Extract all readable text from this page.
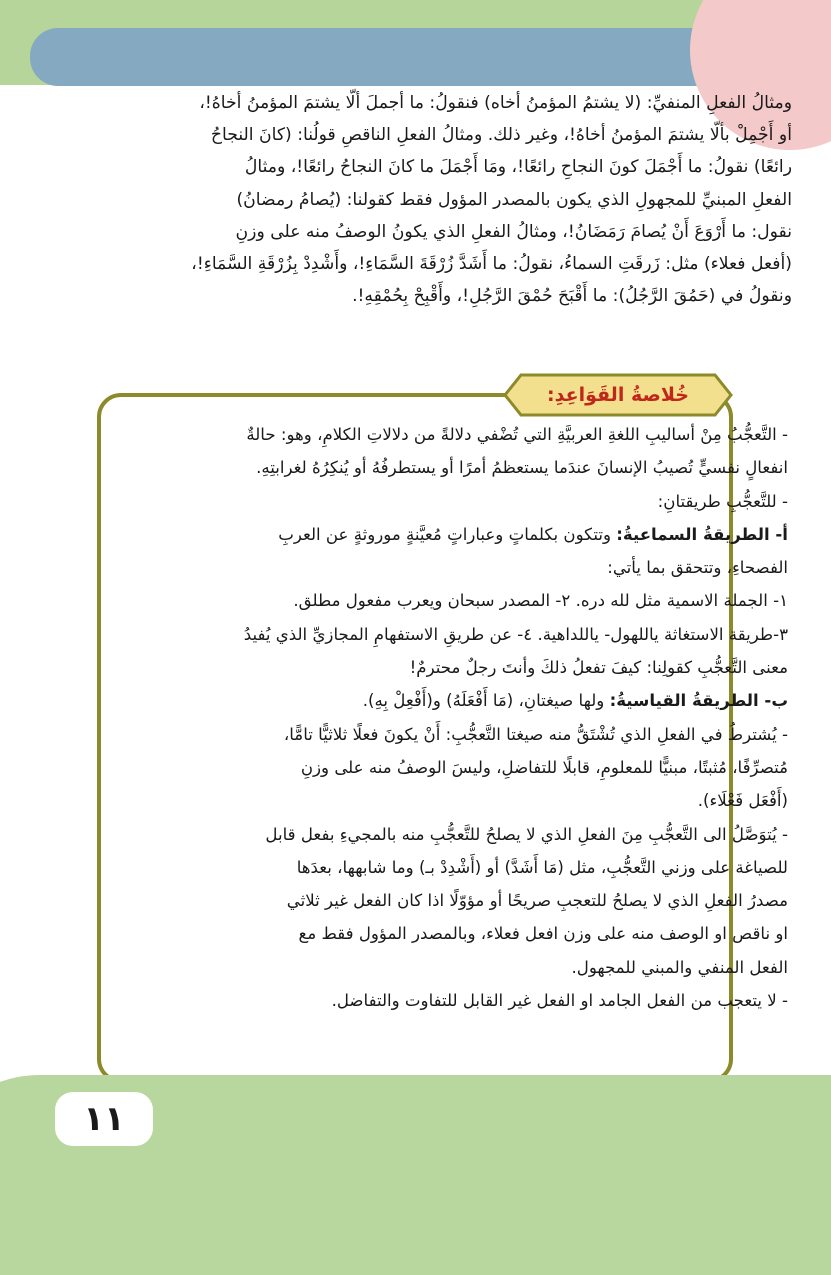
ومثالُ الفعلِ المنفيِّ: (لا يشتمُ المؤمنُ أخاه) فنقولُ: ما أجملَ ألّا يشتمَ المؤمنُ أخاهُ!،

أو أَجْمِلْ بألّا يشتمَ المؤمنُ أخاهُ!، وغير ذلك. ومثالُ الفعلِ الناقصِ قولُنا: (كانَ النجاحُ

رائعًا) نقولُ: ما أَجْمَلَ كونَ النجاحِ رائعًا!، ومَا أَجْمَلَ ما كانَ النجاحُ رائعًا!، ومثالُ

الفعلِ المبنيِّ للمجهولِ الذي يكون بالمصدر المؤول فقط كقولنا: (يُصامُ رمضانُ)

نقول: ما أَرْوَعَ أَنْ يُصامَ رَمَضَانُ!، ومثالُ الفعلِ الذي يكونُ الوصفُ منه على وزنِ

(أفعل فعلاء) مثل: زَرقَتِ السماءُ، نقولُ: ما أَشَدَّ زُرْقَةَ السَّمَاءِ!، وأَشْدِدْ بِزُرْقَةِ السَّمَاءِ!،

ونقولُ في (حَمُقَ الرَّجُلُ): ما أَقْبَحَ حُمْقَ الرَّجُلِ!، وأَقْبِحْ بِحُمْقِهِ!.

خُلاصةُ القَوَاعِدِ:

- التَّعجُّبُ مِنْ أساليبِ اللغةِ العربيَّةِ التي تُضْفي دلالةً من دلالاتِ الكلامِ، وهو: حالةٌ

انفعالٍ نفسيٍّ تُصيبُ الإنسانَ عندَما يستعظمُ أمرًا أو يستطرفُهُ أو يُنكِرُهُ لغرابتِهِ.

- للتَّعجُّبِ طريقتانِ:

أ- الطريقةُ السماعيةُ: وتتكون بكلماتٍ وعباراتٍ مُعيَّنةٍ موروثةٍ عن العربِ

الفصحاءِ، وتتحقق بما يأتي:

١- الجملة الاسمية مثل لله دره. ٢- المصدر سبحان ويعرب مفعول مطلق.

٣-طريقة الاستغاثة ياللهول- ياللداهية. ٤- عن طريقِ الاستفهامِ المجازيِّ الذي يُفيدُ

معنى التَّعجُّبِ كقولِنا: كيفَ تفعلُ ذلكَ وأنتَ رجلٌ محترمٌ!

ب- الطريقةُ القياسيةُ: ولها صيغتانِ، (مَا أَفْعَلَهُ) و(أَفْعِلْ بِهِ).

- يُشترطُ في الفعلِ الذي تُشْتَقُّ منه صيغتا التَّعجُّبِ: أَنْ يكونَ فعلًا ثلاثيًّا تامًّا،

مُتصرِّفًا، مُثبتًا، مبنيًّا للمعلومِ، قابلًا للتفاضلِ، وليسَ الوصفُ منه على وزنِ

(أَفْعَل فَعْلَاء).

- يُتوَصَّلُ الى التَّعجُّبِ مِنَ الفعلِ الذي لا يصلحُ للتَّعجُّبِ منه بالمجيءِ بفعل قابل

للصياغة على وزني التَّعجُّبِ، مثل (مَا أَشَدَّ) أو (أَشْدِدْ بـ) وما شابهها، بعدَها

مصدرُ الفعلِ الذي لا يصلحُ للتعجبِ صريحًا أو مؤوّلًا اذا كان الفعل غير ثلاثي

او ناقص او الوصف منه على وزن افعل فعلاء، وبالمصدر المؤول فقط مع

الفعل المنفي والمبني للمجهول.

- لا يتعجب من الفعل الجامد او الفعل غير القابل للتفاوت والتفاضل.

١١
